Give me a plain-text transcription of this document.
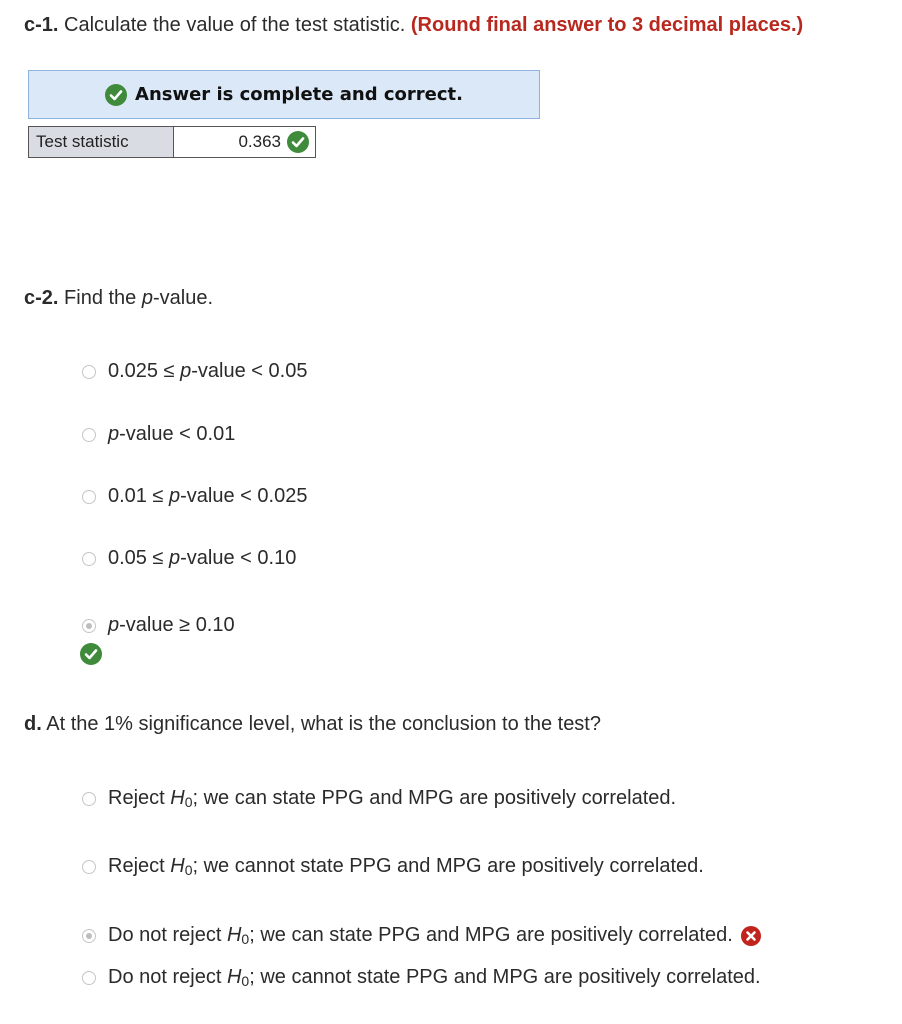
c-1. Calculate the value of the test statistic. (Round final answer to 3 decimal places.)
Answer is complete and correct.
Test statistic	0.363
c-2. Find the p-value.
0.025 ≤ p-value < 0.05
p-value < 0.01
0.01 ≤ p-value < 0.025
0.05 ≤ p-value < 0.10
p-value ≥ 0.10
d. At the 1% significance level, what is the conclusion to the test?
Reject $H_0$; we can state PPG and MPG are positively correlated.
Reject $H_0$; we cannot state PPG and MPG are positively correlated.
Do not reject $H_0$; we can state PPG and MPG are positively correlated.
Do not reject $H_0$; we cannot state PPG and MPG are positively correlated.
